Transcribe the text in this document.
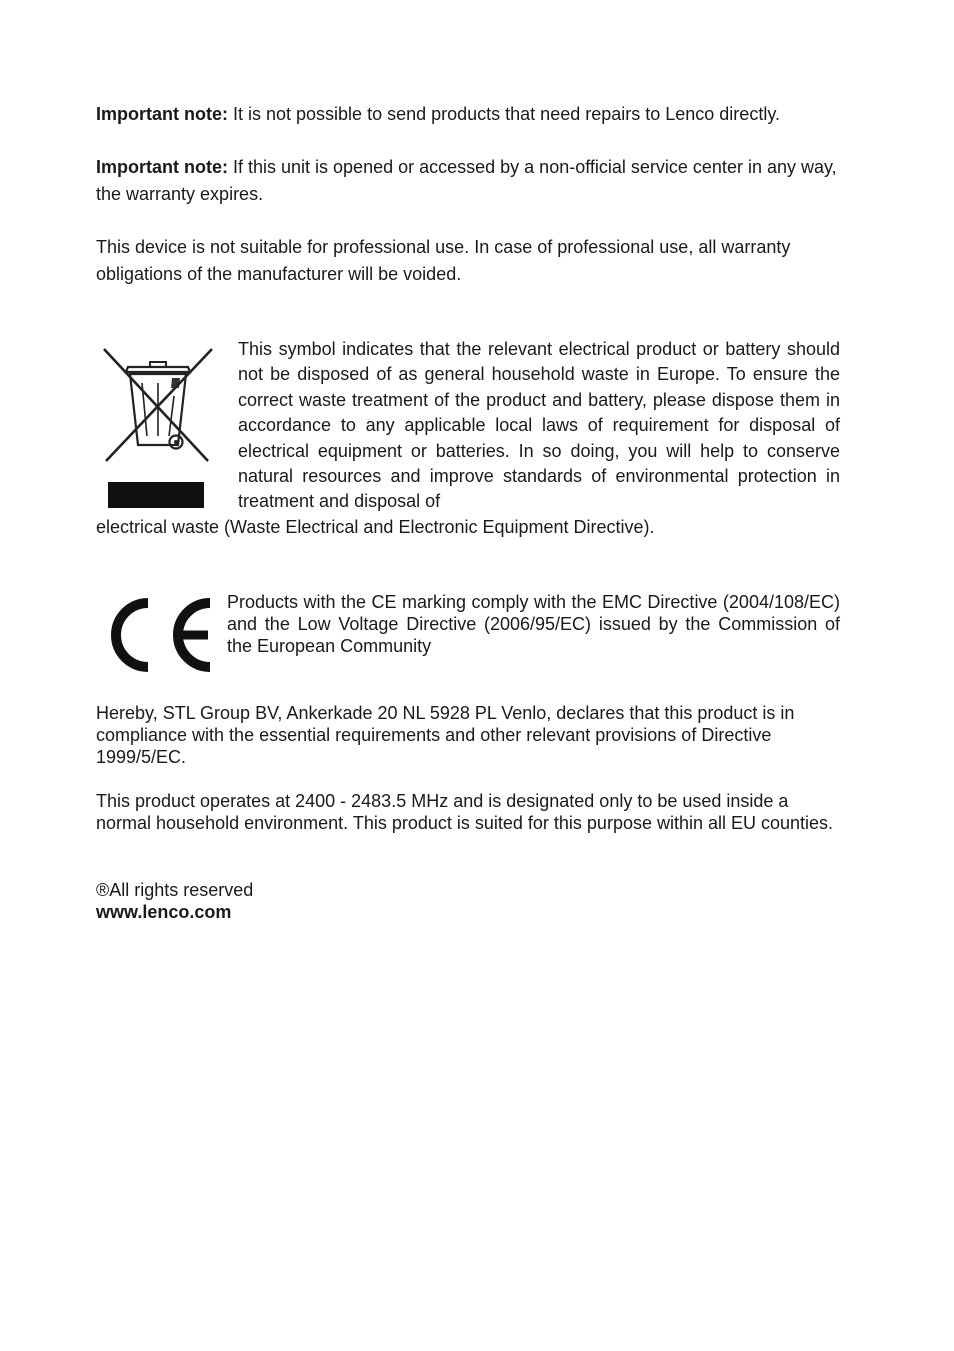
Important note: It is not possible to send products that need repairs to Lenco directly.

Important note: If this unit is opened or accessed by a non-official service center in any way, the warranty expires.

This device is not suitable for professional use. In case of professional use, all warranty obligations of the manufacturer will be voided.

This symbol indicates that the relevant electrical product or battery should not be disposed of as general household waste in Europe. To ensure the correct waste treatment of the product and battery, please dispose them in accordance to any applicable local laws of requirement for disposal of electrical equipment or batteries. In so doing, you will help to conserve natural resources and improve standards of environmental protection in treatment and disposal of
electrical waste (Waste Electrical and Electronic Equipment Directive).

Products with the CE marking comply with the EMC Directive (2004/108/EC) and the Low Voltage Directive (2006/95/EC) issued by the Commission of the European Community

Hereby, STL Group BV, Ankerkade 20 NL 5928 PL Venlo, declares that this product is in compliance with the essential requirements and other relevant provisions of Directive 1999/5/EC.

This product operates at 2400 - 2483.5 MHz and is designated only to be used inside a normal household environment. This product is suited for this purpose within all EU counties.

®All rights reserved
www.lenco.com
